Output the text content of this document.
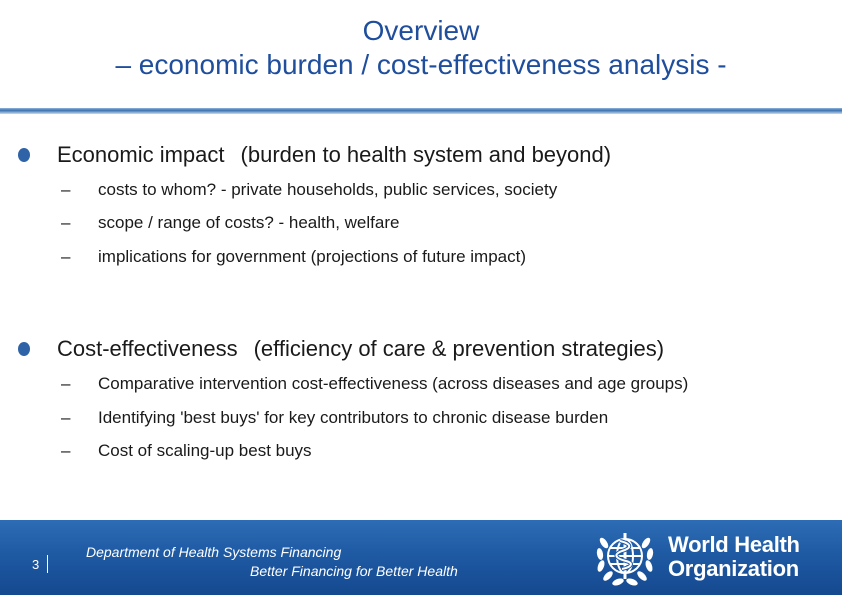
Overview
– economic burden / cost-effectiveness analysis -
Economic impact (burden to health system and beyond)
–	costs to whom? - private households, public services, society
–	scope / range of costs? - health, welfare
–	implications for government (projections of future impact)
Cost-effectiveness (efficiency of care & prevention strategies)
–	Comparative intervention cost-effectiveness (across diseases and age groups)
–	Identifying 'best buys' for key contributors to chronic disease burden
–	Cost of scaling-up best buys
3
Department of Health Systems Financing
Better Financing for Better Health
World Health
Organization
